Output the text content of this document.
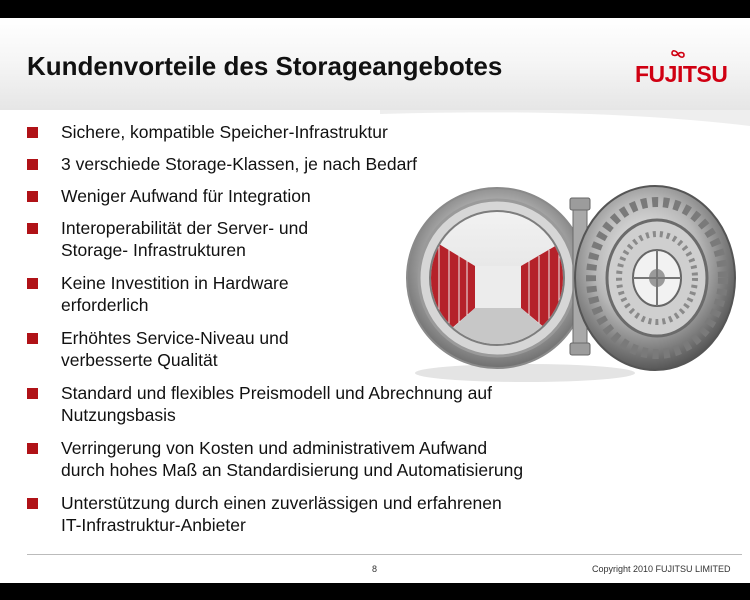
Kundenvorteile des Storageangebotes	FUJITSU
Sichere, kompatible Speicher-Infrastruktur
3 verschiede Storage-Klassen, je nach Bedarf
Weniger Aufwand für Integration
Interoperabilität der Server- und
Storage- Infrastrukturen
Keine Investition in Hardware
erforderlich
Erhöhtes Service-Niveau und
verbesserte Qualität
Standard und flexibles Preismodell und Abrechnung auf
Nutzungsbasis
Verringerung von Kosten und administrativem Aufwand
durch hohes Maß an Standardisierung und Automatisierung
Unterstützung durch einen zuverlässigen und erfahrenen
IT-Infrastruktur-Anbieter
8	Copyright 2010 FUJITSU LIMITED
